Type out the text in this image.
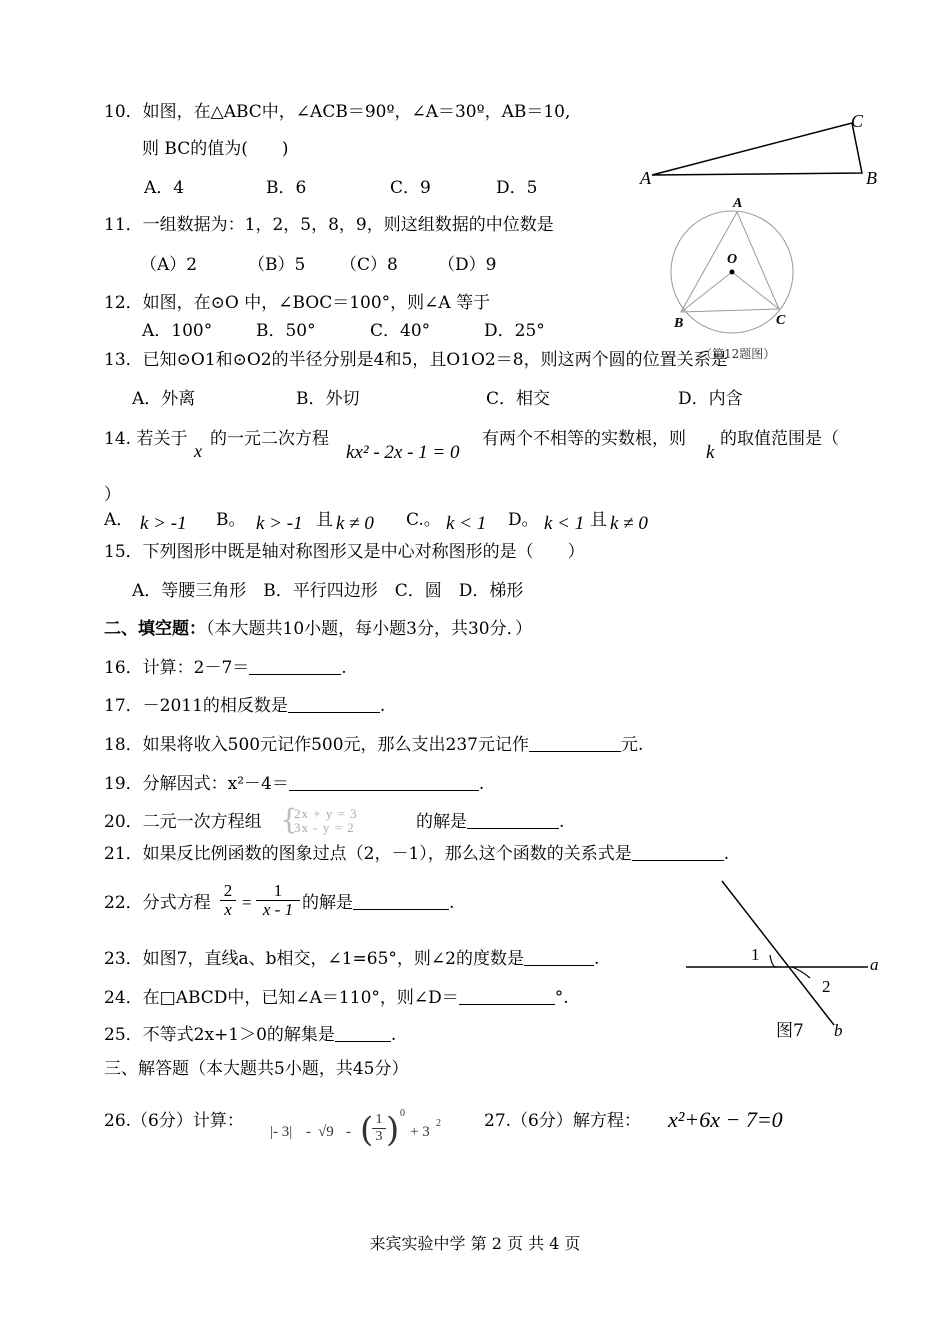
10．如图，在△ABC中，∠ACB＝90º，∠A＝30º，AB＝10,
则 BC的值为(　　)
A．4	B．6	C．9	D．5	A
C
B
11．一组数据为：1，2，5，8，9，则这组数据的中位数是
（A）2	（B）5 （C）8 （D）9
A
O
B	C
（第12题图）
12．如图，在⊙O 中，∠BOC＝100°，则∠A 等于
A．100°	B．50°	C．40°	D．25°
13．已知⊙O1和⊙O2的半径分别是4和5，且O1O2＝8，则这两个圆的位置关系是
A．外离	B．外切	C．相交	D．内含
14. 若关于
x
的一元二次方程
kx² - 2x - 1 = 0
有两个不相等的实数根，则
k
的取值范围是（
）
A． k > -1 B。 k > -1 且 k ≠ 0 C.。 k < 1 D。 k < 1 且 k ≠ 0
15．下列图形中既是轴对称图形又是中心对称图形的是（　　）
A．等腰三角形　B．平行四边形　C．圆　D．梯形
二、填空题：（本大题共10小题，每小题3分，共30分．）
16．计算：2－7＝	.
17．－2011的相反数是	.
18．如果将收入500元记作500元，那么支出237元记作	元.
19．分解因式：x²－4＝	.
20．二元一次方程组 {
2x + y = 3
3x - y = 2	的解是	.
21．如果反比例函数的图象过点（2，－1），那么这个函数的关系式是	.
22．分式方程
2
x =
1
x - 1 的解是	.
1
2
a
b
图7
23．如图7，直线a、b相交，∠1=65°，则∠2的度数是	.
24．在□ABCD中，已知∠A＝110°，则∠D＝	°.
25．不等式2x+1＞0的解集是	.
三、解答题（本大题共5小题，共45分）
26.（6分）计算：
|- 3| - √9 - ( 1
3 ) 0
+ 3
2	27.（6分）解方程： x²+6x − 7=0
来宾实验中学 第 2 页 共 4 页
